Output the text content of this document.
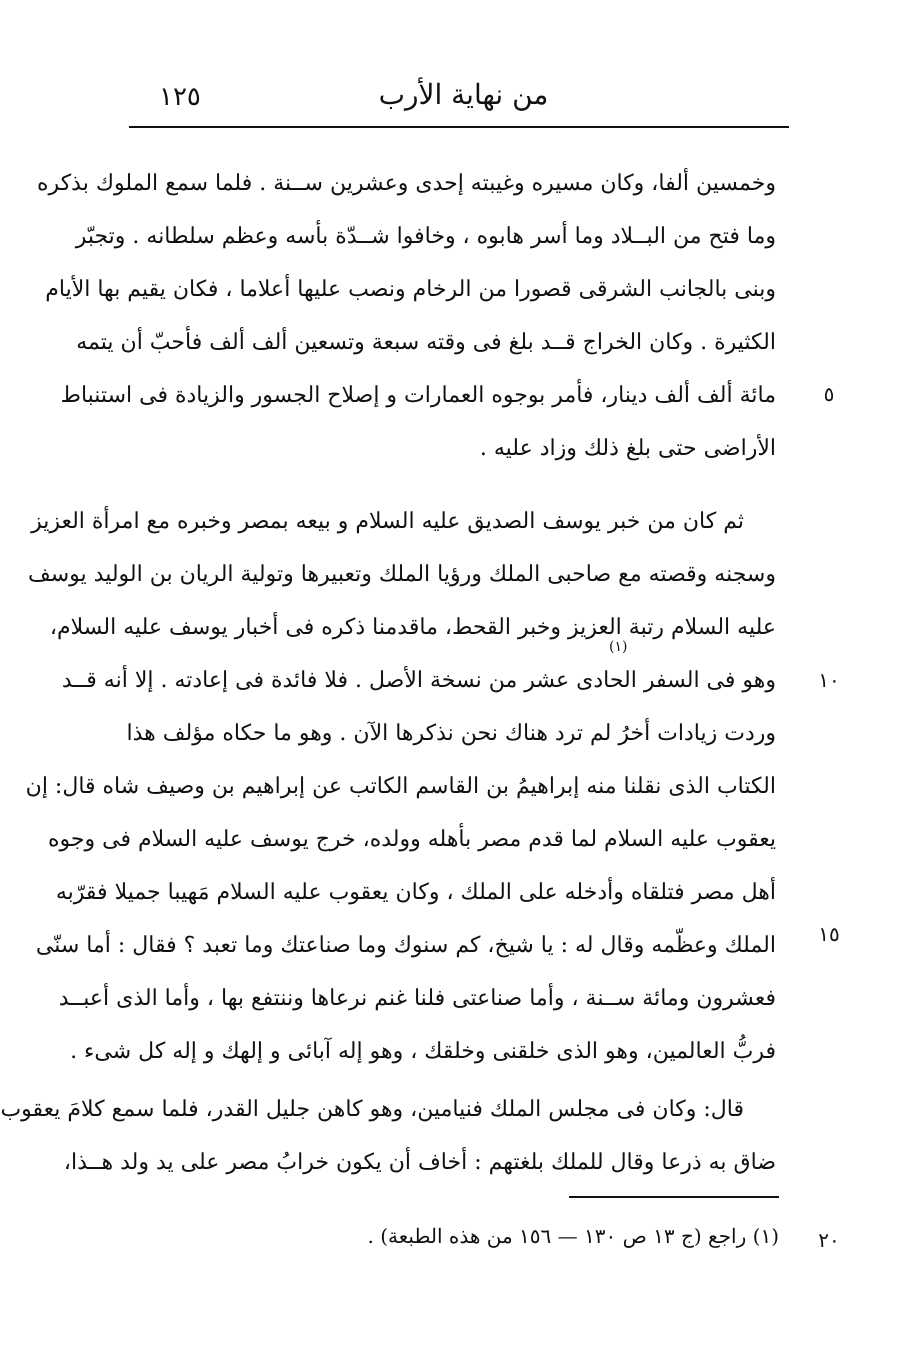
١٢٥	من نهاية الأرب
وخمسين ألفا، وكان مسيره وغيبته إحدى وعشرين ســنة . فلما سمع الملوك بذكره
وما فتح من البــلاد وما أسر هابوه ، وخافوا شــدّة بأسه وعظم سلطانه . وتجبّر
وبنى بالجانب الشرقى قصورا من الرخام ونصب عليها أعلاما ، فكان يقيم بها الأيام
الكثيرة . وكان الخراج قــد بلغ فى وقته سبعة وتسعين ألف ألف فأحبّ أن يتمه
مائة ألف ألف دينار، فأمر بوجوه العمارات و إصلاح الجسور والزيادة فى استنباط
الأراضى حتى بلغ ذلك وزاد عليه .
ثم كان من خبر يوسف الصديق عليه السلام و بيعه بمصر وخبره مع امرأة العزيز
وسجنه وقصته مع صاحبى الملك ورؤيا الملك وتعبيرها وتولية الريان بن الوليد يوسف
عليه السلام رتبة العزيز وخبر القحط، ماقدمنا ذكره فى أخبار يوسف عليه السلام،
وهو فى السفر الحادى عشر من نسخة الأصل . فلا فائدة فى إعادته . إلا أنه قــد
وردت زيادات أخرُ لم ترد هناك نحن نذكرها الآن . وهو ما حكاه مؤلف هذا
الكتاب الذى نقلنا منه إبراهيمُ بن القاسم الكاتب عن إبراهيم بن وصيف شاه قال: إن
يعقوب عليه السلام لما قدم مصر بأهله وولده، خرج يوسف عليه السلام فى وجوه
أهل مصر فتلقاه وأدخله على الملك ، وكان يعقوب عليه السلام مَهيبا جميلا فقرّبه
الملك وعظّمه وقال له : يا شيخ، كم سنوك وما صناعتك وما تعبد ؟ فقال : أما سنّى
فعشرون ومائة ســنة ، وأما صناعتى فلنا غنم نرعاها وننتفع بها ، وأما الذى أعبــد
فربُّ العالمين، وهو الذى خلقنى وخلقك ، وهو إله آبائى و إلهك و إله كل شىء .
قال: وكان فى مجلس الملك فنيامين، وهو كاهن جليل القدر، فلما سمع كلامَ يعقوب
ضاق به ذرعا وقال للملك بلغتهم : أخاف أن يكون خرابُ مصر على يد ولد هــذا،
(١)
٥
١٠
١٥
٢٠
(١) راجع (ج ١٣ ص ١٣٠ — ١٥٦ من هذه الطبعة) .
